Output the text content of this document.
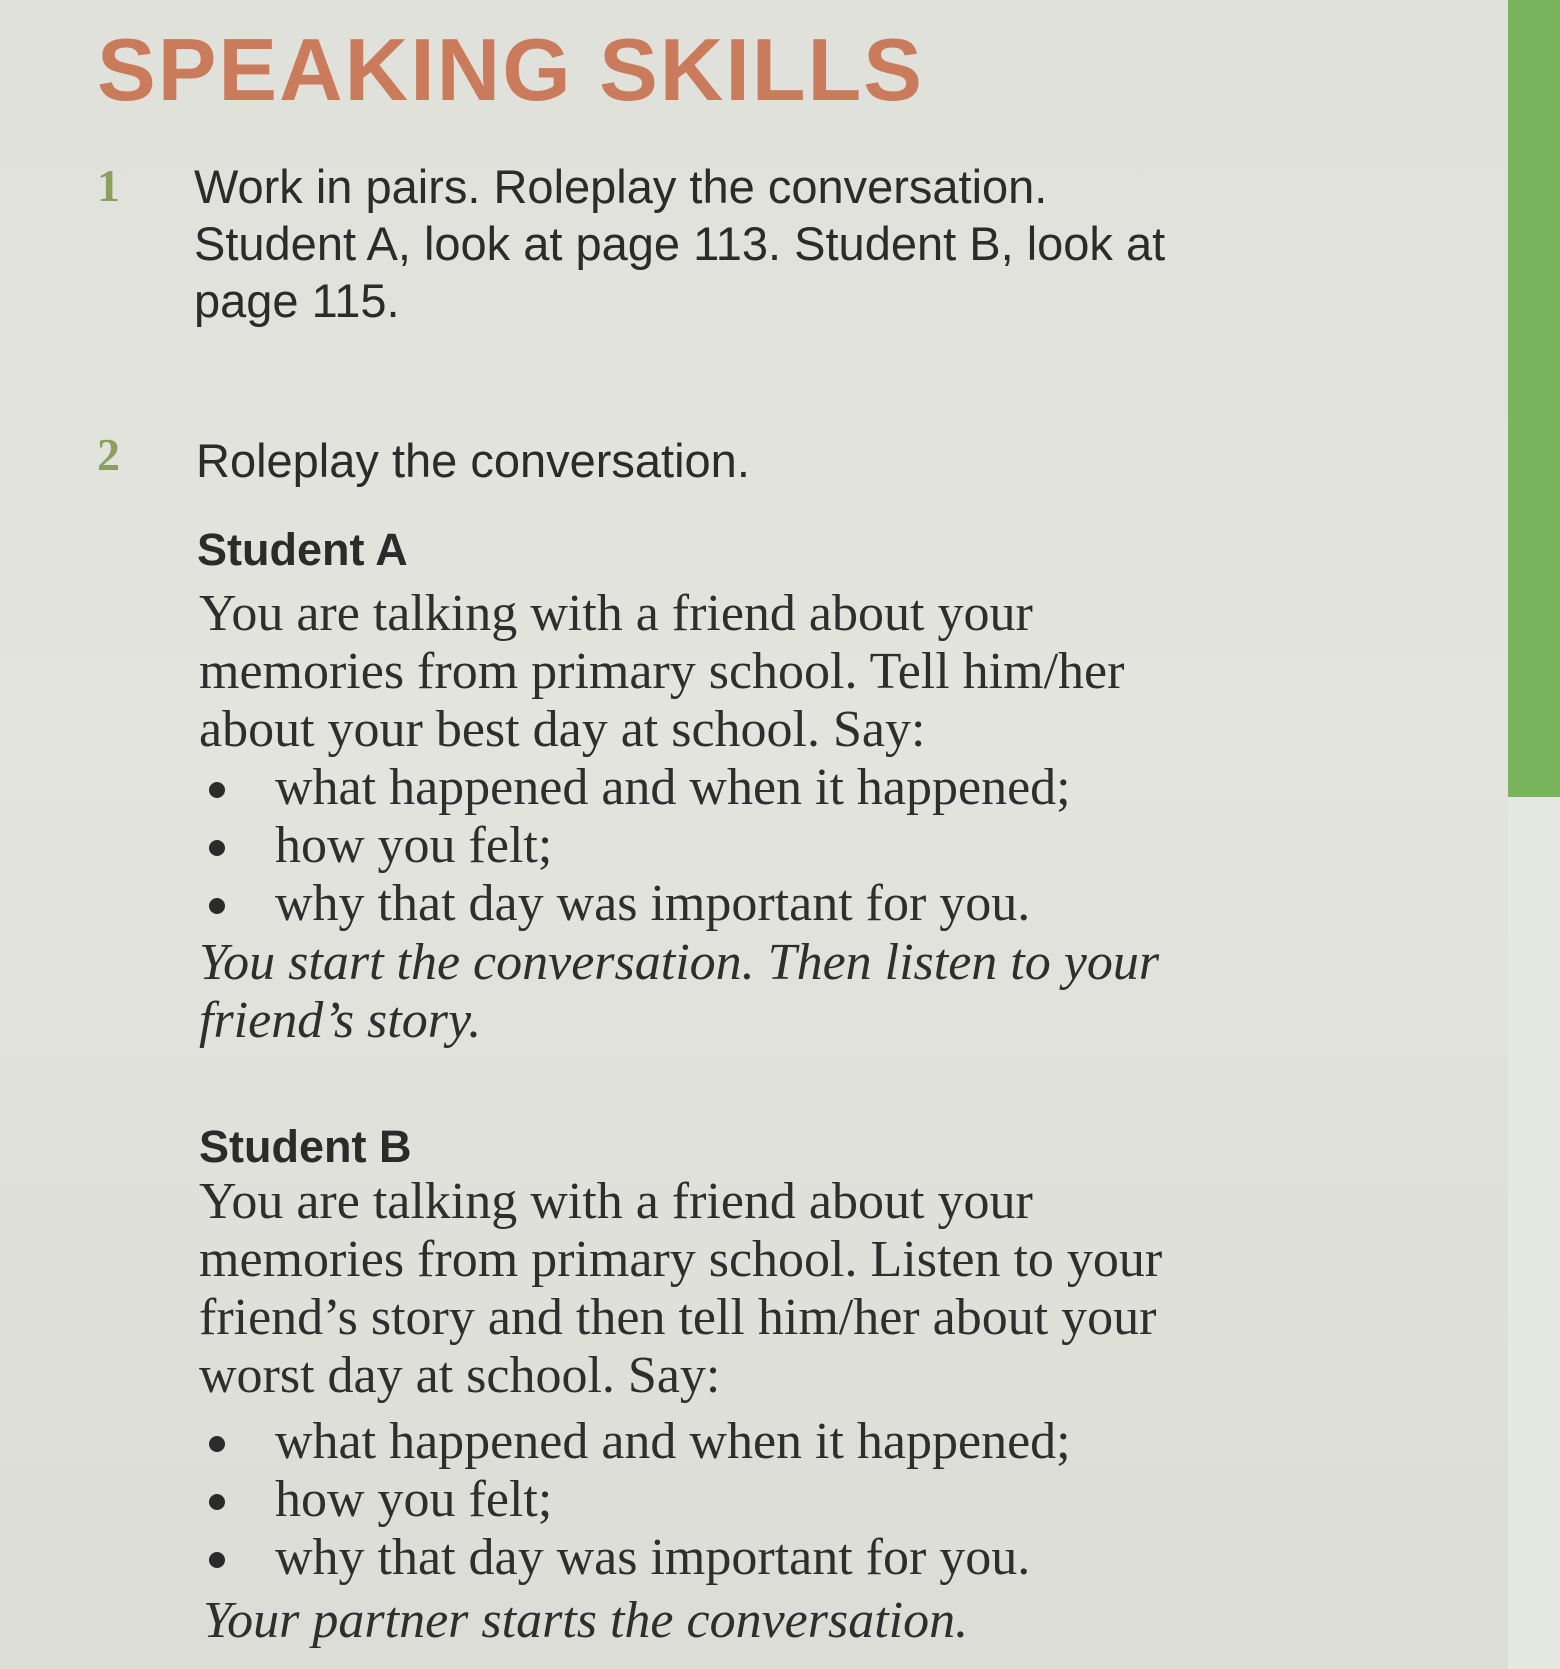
SPEAKING SKILLS
1 Work in pairs. Roleplay the conversation.
Student A, look at page 113. Student B, look at
page 115.
2 Roleplay the conversation.
Student A
You are talking with a friend about your
memories from primary school. Tell him/her
about your best day at school. Say:
what happened and when it happened;
how you felt;
why that day was important for you.
You start the conversation. Then listen to your
friend’s story.
Student B
You are talking with a friend about your
memories from primary school. Listen to your
friend’s story and then tell him/her about your
worst day at school. Say:
what happened and when it happened;
how you felt;
why that day was important for you.
Your partner starts the conversation.
